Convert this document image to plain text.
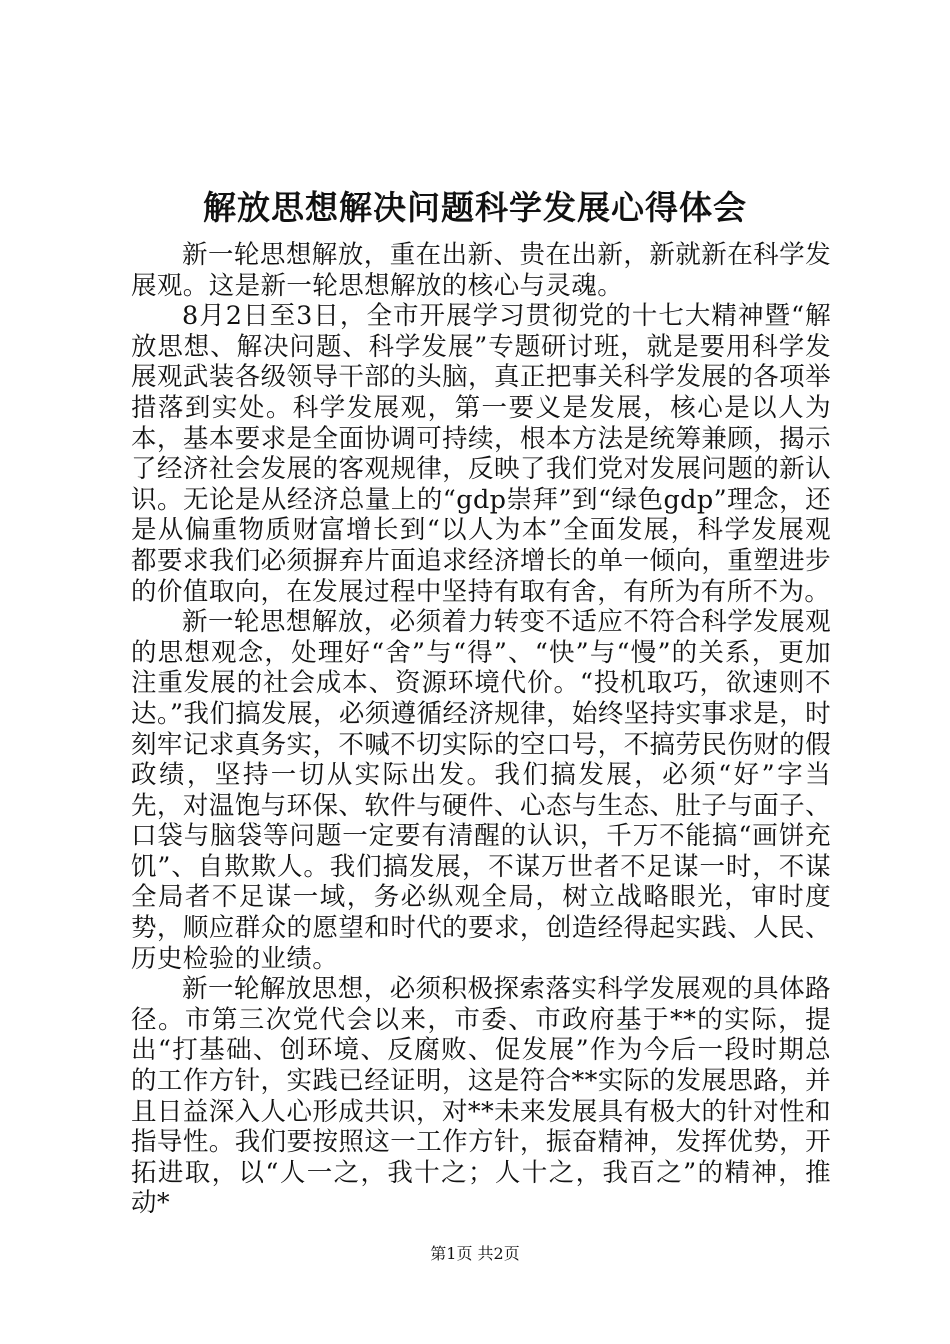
解放思想解决问题科学发展心得体会

新一轮思想解放，重在出新、贵在出新，新就新在科学发展观。这是新一轮思想解放的核心与灵魂。

8月2日至3日，全市开展学习贯彻党的十七大精神暨“解放思想、解决问题、科学发展”专题研讨班，就是要用科学发展观武装各级领导干部的头脑，真正把事关科学发展的各项举措落到实处。科学发展观，第一要义是发展，核心是以人为本，基本要求是全面协调可持续，根本方法是统筹兼顾，揭示了经济社会发展的客观规律，反映了我们党对发展问题的新认识。无论是从经济总量上的“gdp崇拜”到“绿色gdp”理念，还是从偏重物质财富增长到“以人为本”全面发展，科学发展观都要求我们必须摒弃片面追求经济增长的单一倾向，重塑进步的价值取向，在发展过程中坚持有取有舍，有所为有所不为。

新一轮思想解放，必须着力转变不适应不符合科学发展观的思想观念，处理好“舍”与“得”、“快”与“慢”的关系，更加注重发展的社会成本、资源环境代价。“投机取巧，欲速则不达。”我们搞发展，必须遵循经济规律，始终坚持实事求是，时刻牢记求真务实，不喊不切实际的空口号，不搞劳民伤财的假政绩，坚持一切从实际出发。我们搞发展，必须“好”字当先，对温饱与环保、软件与硬件、心态与生态、肚子与面子、口袋与脑袋等问题一定要有清醒的认识，千万不能搞“画饼充饥”、自欺欺人。我们搞发展，不谋万世者不足谋一时，不谋全局者不足谋一域，务必纵观全局，树立战略眼光，审时度势，顺应群众的愿望和时代的要求，创造经得起实践、人民、历史检验的业绩。

新一轮解放思想，必须积极探索落实科学发展观的具体路径。市第三次党代会以来，市委、市政府基于**的实际，提出“打基础、创环境、反腐败、促发展”作为今后一段时期总的工作方针，实践已经证明，这是符合**实际的发展思路，并且日益深入人心形成共识，对**未来发展具有极大的针对性和指导性。我们要按照这一工作方针，振奋精神，发挥优势，开拓进取，以“人一之，我十之；人十之，我百之”的精神，推动*

第1页 共2页
